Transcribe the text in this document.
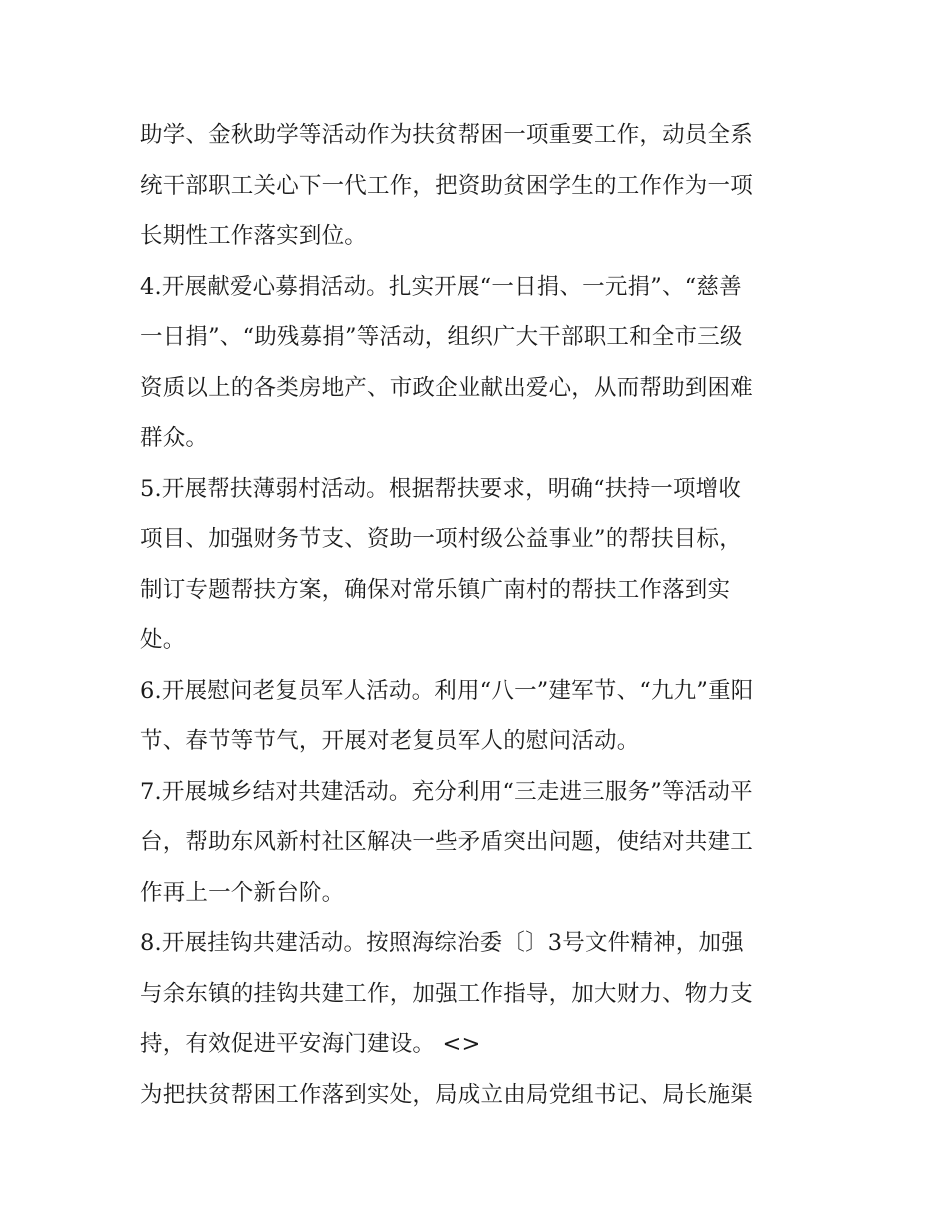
助学、金秋助学等活动作为扶贫帮困一项重要工作，动员全系
统干部职工关心下一代工作，把资助贫困学生的工作作为一项
长期性工作落实到位。
4.开展献爱心募捐活动。扎实开展“一日捐、一元捐”、“慈善
一日捐”、“助残募捐”等活动，组织广大干部职工和全市三级
资质以上的各类房地产、市政企业献出爱心，从而帮助到困难
群众。
5.开展帮扶薄弱村活动。根据帮扶要求，明确“扶持一项增收
项目、加强财务节支、资助一项村级公益事业”的帮扶目标，
制订专题帮扶方案，确保对常乐镇广南村的帮扶工作落到实
处。
6.开展慰问老复员军人活动。利用“八一”建军节、“九九”重阳
节、春节等节气，开展对老复员军人的慰问活动。
7.开展城乡结对共建活动。充分利用“三走进三服务”等活动平
台，帮助东风新村社区解决一些矛盾突出问题，使结对共建工
作再上一个新台阶。
8.开展挂钩共建活动。按照海综治委〔〕3号文件精神，加强
与余东镇的挂钩共建工作，加强工作指导，加大财力、物力支
持，有效促进平安海门建设。 <>
为把扶贫帮困工作落到实处，局成立由局党组书记、局长施渠
